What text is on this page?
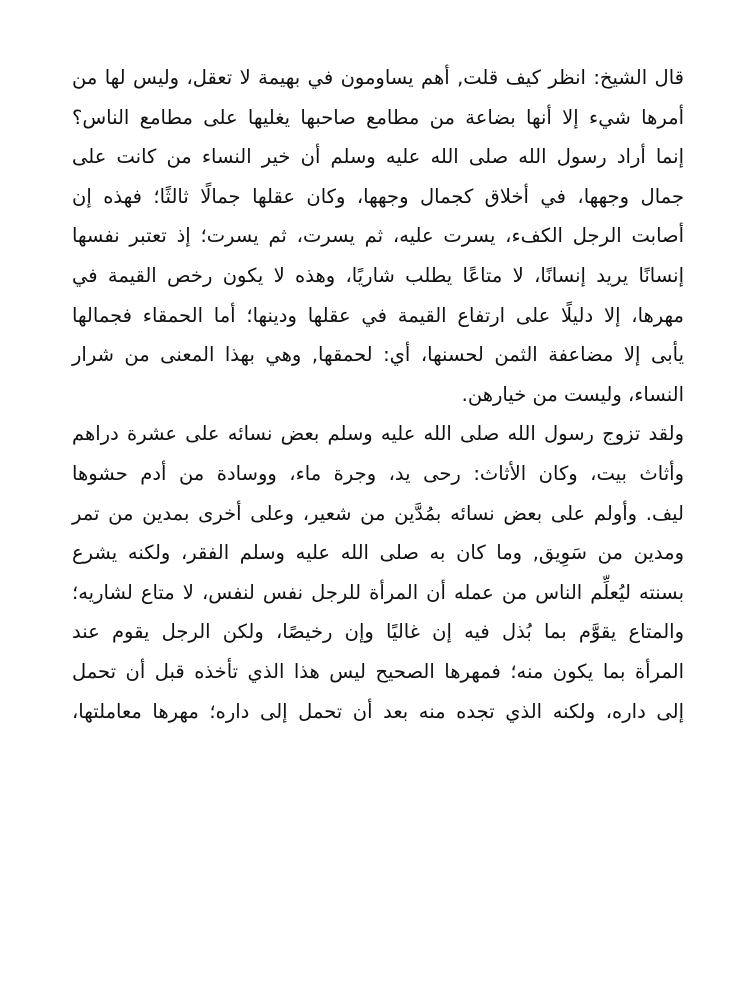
قال الشيخ: انظر كيف قلت, أهم يساومون في بهيمة لا تعقل، وليس لها من
أمرها شيء إلا أنها بضاعة من مطامع صاحبها يغليها على مطامع الناس؟
إنما أراد رسول الله صلى الله عليه وسلم أن خير النساء من كانت على
جمال وجهها، في أخلاق كجمال وجهها، وكان عقلها جمالًا ثالثًا؛ فهذه إن
أصابت الرجل الكفء، يسرت عليه، ثم يسرت، ثم يسرت؛ إذ تعتبر نفسها
إنسانًا يريد إنسانًا، لا متاعًا يطلب شاريًا، وهذه لا يكون رخص القيمة في
مهرها، إلا دليلًا على ارتفاع القيمة في عقلها ودينها؛ أما الحمقاء فجمالها
يأبى إلا مضاعفة الثمن لحسنها، أي: لحمقها, وهي بهذا المعنى من شرار
النساء، وليست من خيارهن.
ولقد تزوج رسول الله صلى الله عليه وسلم بعض نسائه على عشرة دراهم
وأثاث بيت، وكان الأثاث: رحى يد، وجرة ماء، ووسادة من أدم حشوها
ليف. وأولم على بعض نسائه بمُدَّين من شعير، وعلى أخرى بمدين من تمر
ومدين من سَوِيق, وما كان به صلى الله عليه وسلم الفقر، ولكنه يشرع
بسنته ليُعلِّم الناس من عمله أن المرأة للرجل نفس لنفس، لا متاع لشاريه؛
والمتاع يقوَّم بما بُذل فيه إن غاليًا وإن رخيصًا، ولكن الرجل يقوم عند
المرأة بما يكون منه؛ فمهرها الصحيح ليس هذا الذي تأخذه قبل أن تحمل
إلى داره، ولكنه الذي تجده منه بعد أن تحمل إلى داره؛ مهرها معاملتها،
